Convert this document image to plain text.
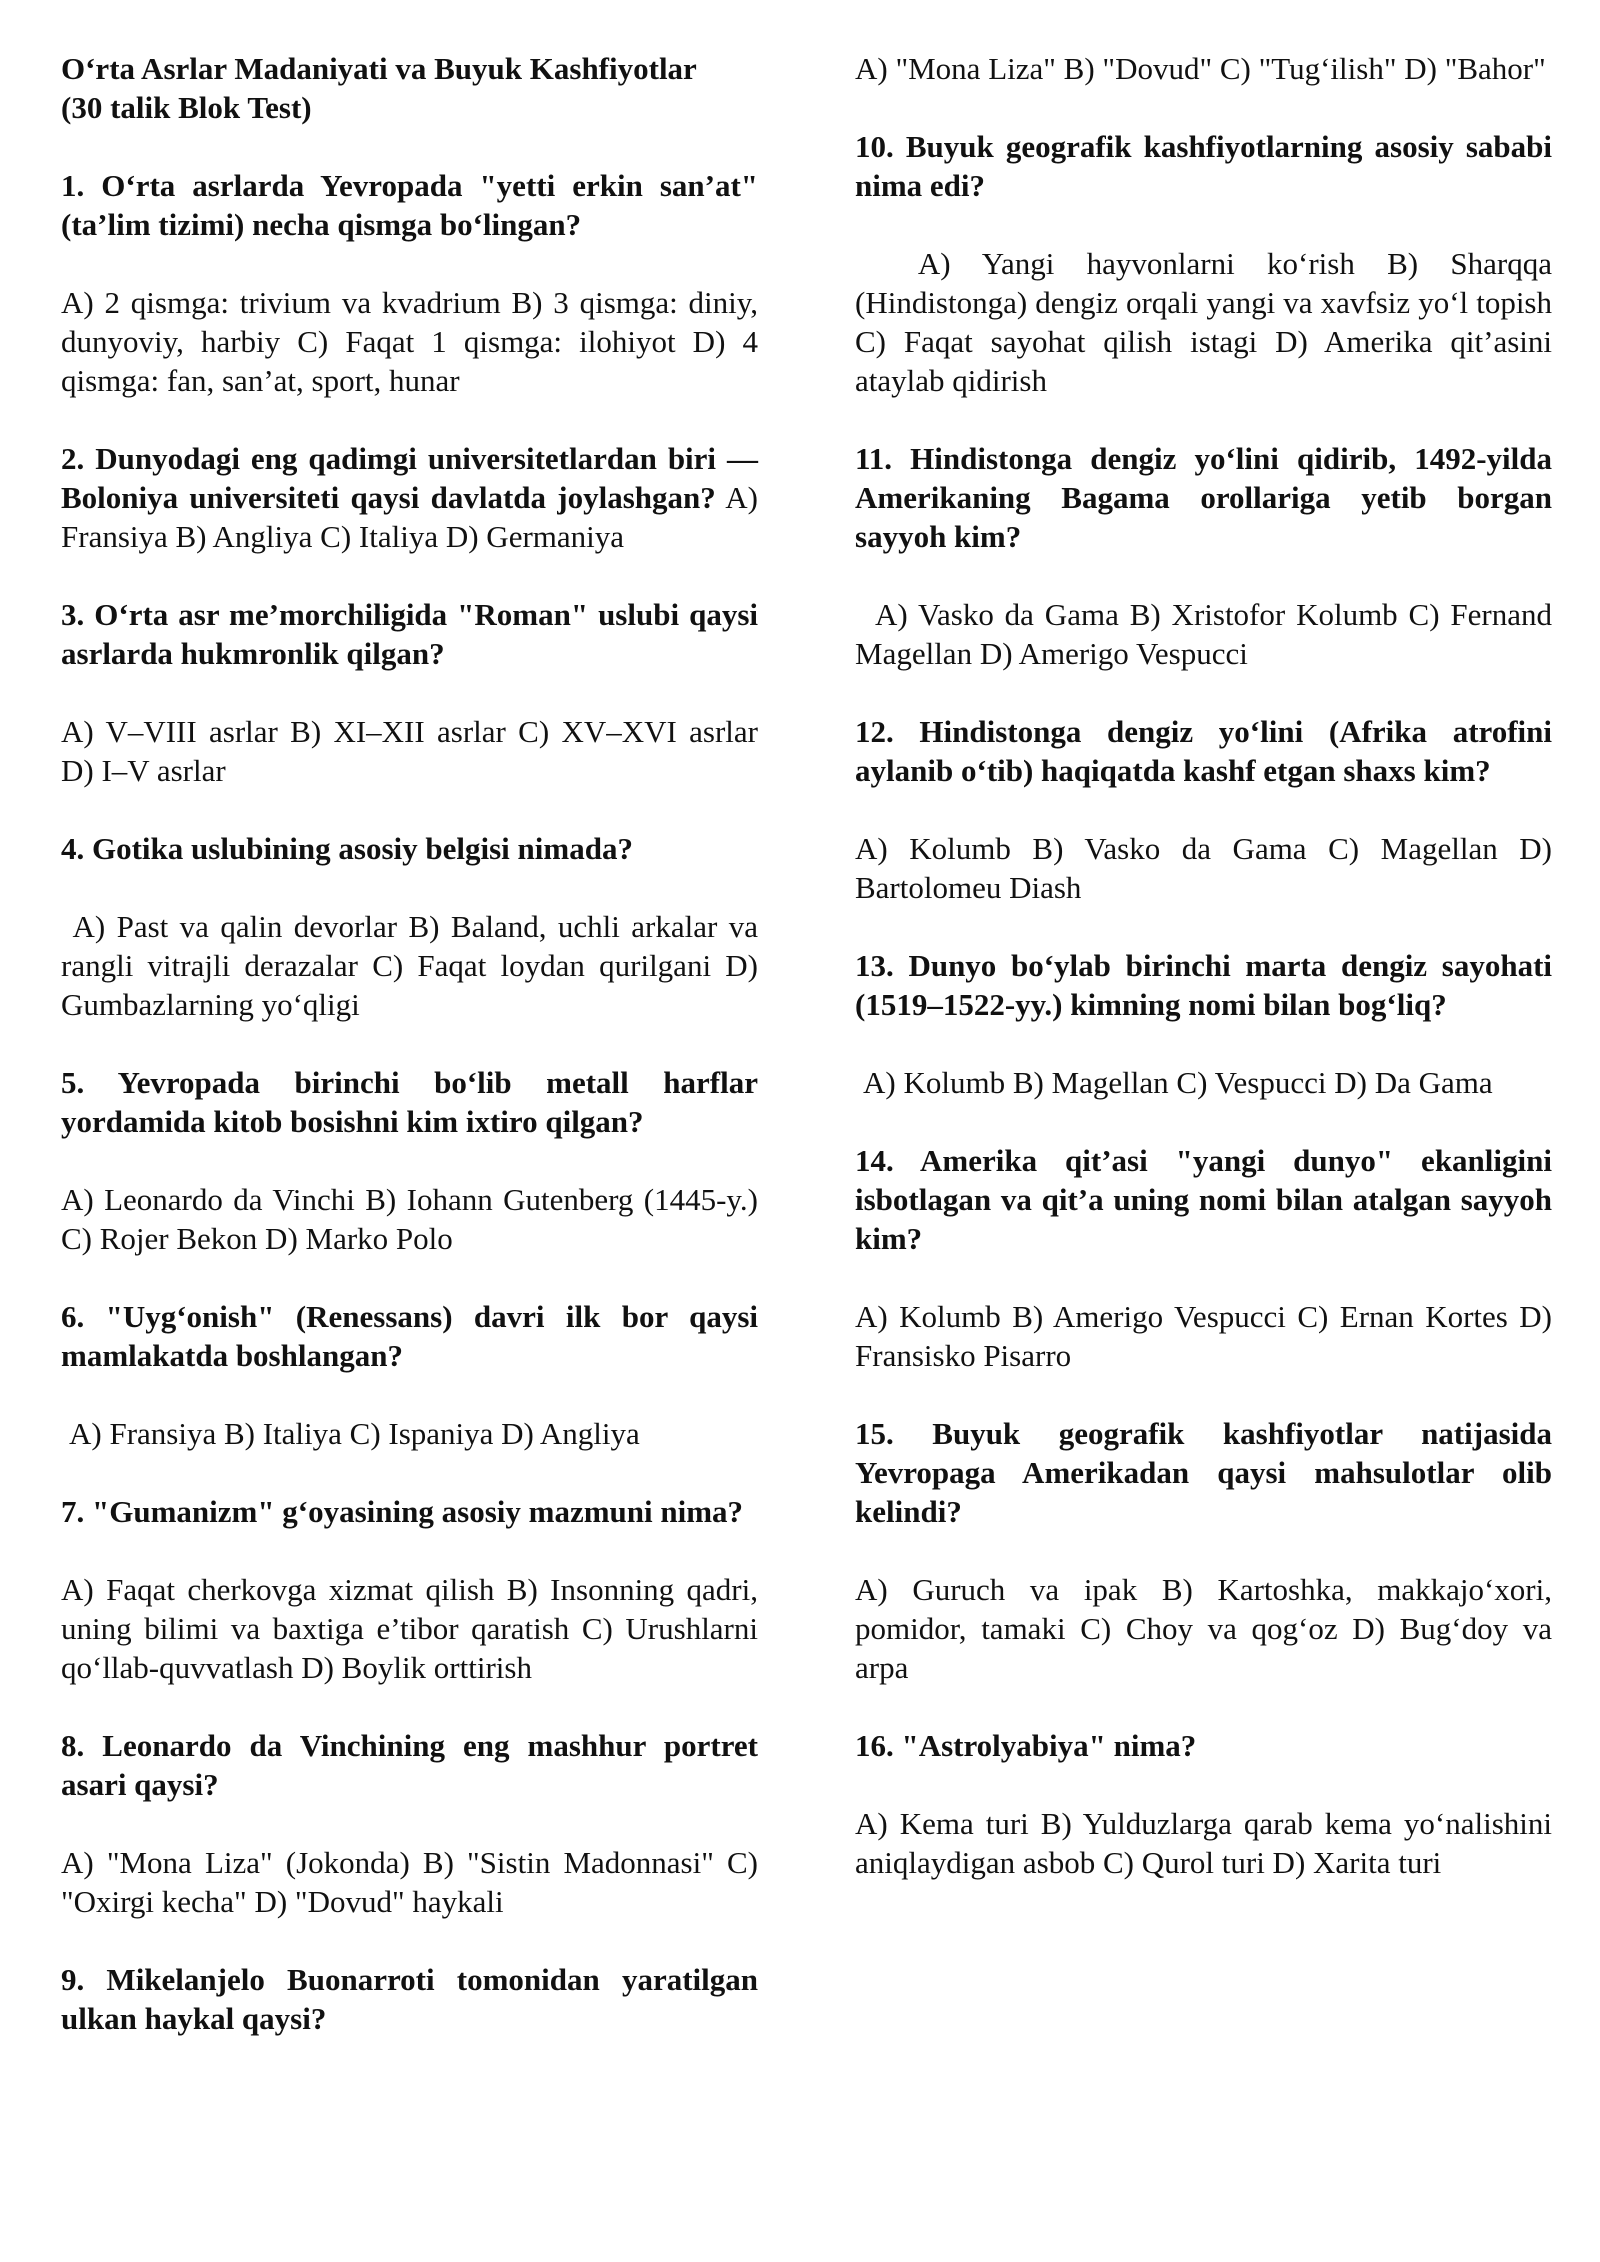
O‘rta Asrlar Madaniyati va Buyuk Kashfiyotlar
(30 talik Blok Test)

1. O‘rta asrlarda Yevropada "yetti erkin san’at" (ta’lim tizimi) necha qismga bo‘lingan?

A) 2 qismga: trivium va kvadrium B) 3 qismga: diniy, dunyoviy, harbiy C) Faqat 1 qismga: ilohiyot D) 4 qismga: fan, san’at, sport, hunar

2. Dunyodagi eng qadimgi universitetlardan biri — Boloniya universiteti qaysi davlatda joylashgan? A) Fransiya B) Angliya C) Italiya D) Germaniya

3. O‘rta asr me’morchiligida "Roman" uslubi qaysi asrlarda hukmronlik qilgan?

A) V–VIII asrlar B) XI–XII asrlar C) XV–XVI asrlar D) I–V asrlar

4. Gotika uslubining asosiy belgisi nimada?

A) Past va qalin devorlar B) Baland, uchli arkalar va rangli vitrajli derazalar C) Faqat loydan qurilgani D) Gumbazlarning yo‘qligi

5. Yevropada birinchi bo‘lib metall harflar yordamida kitob bosishni kim ixtiro qilgan?

A) Leonardo da Vinchi B) Iohann Gutenberg (1445-y.) C) Rojer Bekon D) Marko Polo

6. "Uyg‘onish" (Renessans) davri ilk bor qaysi mamlakatda boshlangan?

A) Fransiya B) Italiya C) Ispaniya D) Angliya

7. "Gumanizm" g‘oyasining asosiy mazmuni nima?

A) Faqat cherkovga xizmat qilish B) Insonning qadri, uning bilimi va baxtiga e’tibor qaratish C) Urushlarni qo‘llab-quvvatlash D) Boylik orttirish

8. Leonardo da Vinchining eng mashhur portret asari qaysi?

A) "Mona Liza" (Jokonda) B) "Sistin Madonnasi" C) "Oxirgi kecha" D) "Dovud" haykali

9. Mikelanjelo Buonarroti tomonidan yaratilgan ulkan haykal qaysi?

A) "Mona Liza" B) "Dovud" C) "Tug‘ilish" D) "Bahor"

10. Buyuk geografik kashfiyotlarning asosiy sababi nima edi?

A) Yangi hayvonlarni ko‘rish B) Sharqqa (Hindistonga) dengiz orqali yangi va xavfsiz yo‘l topish C) Faqat sayohat qilish istagi D) Amerika qit’asini ataylab qidirish

11. Hindistonga dengiz yo‘lini qidirib, 1492-yilda Amerikaning Bagama orollariga yetib borgan sayyoh kim?

A) Vasko da Gama B) Xristofor Kolumb C) Fernand Magellan D) Amerigo Vespucci

12. Hindistonga dengiz yo‘lini (Afrika atrofini aylanib o‘tib) haqiqatda kashf etgan shaxs kim?

A) Kolumb B) Vasko da Gama C) Magellan D) Bartolomeu Diash

13. Dunyo bo‘ylab birinchi marta dengiz sayohati (1519–1522-yy.) kimning nomi bilan bog‘liq?

A) Kolumb B) Magellan C) Vespucci D) Da Gama

14. Amerika qit’asi "yangi dunyo" ekanligini isbotlagan va qit’a uning nomi bilan atalgan sayyoh kim?

A) Kolumb B) Amerigo Vespucci C) Ernan Kortes D) Fransisko Pisarro

15. Buyuk geografik kashfiyotlar natijasida Yevropaga Amerikadan qaysi mahsulotlar olib kelindi?

A) Guruch va ipak B) Kartoshka, makkajo‘xori, pomidor, tamaki C) Choy va qog‘oz D) Bug‘doy va arpa

16. "Astrolyabiya" nima?

A) Kema turi B) Yulduzlarga qarab kema yo‘nalishini aniqlaydigan asbob C) Qurol turi D) Xarita turi
